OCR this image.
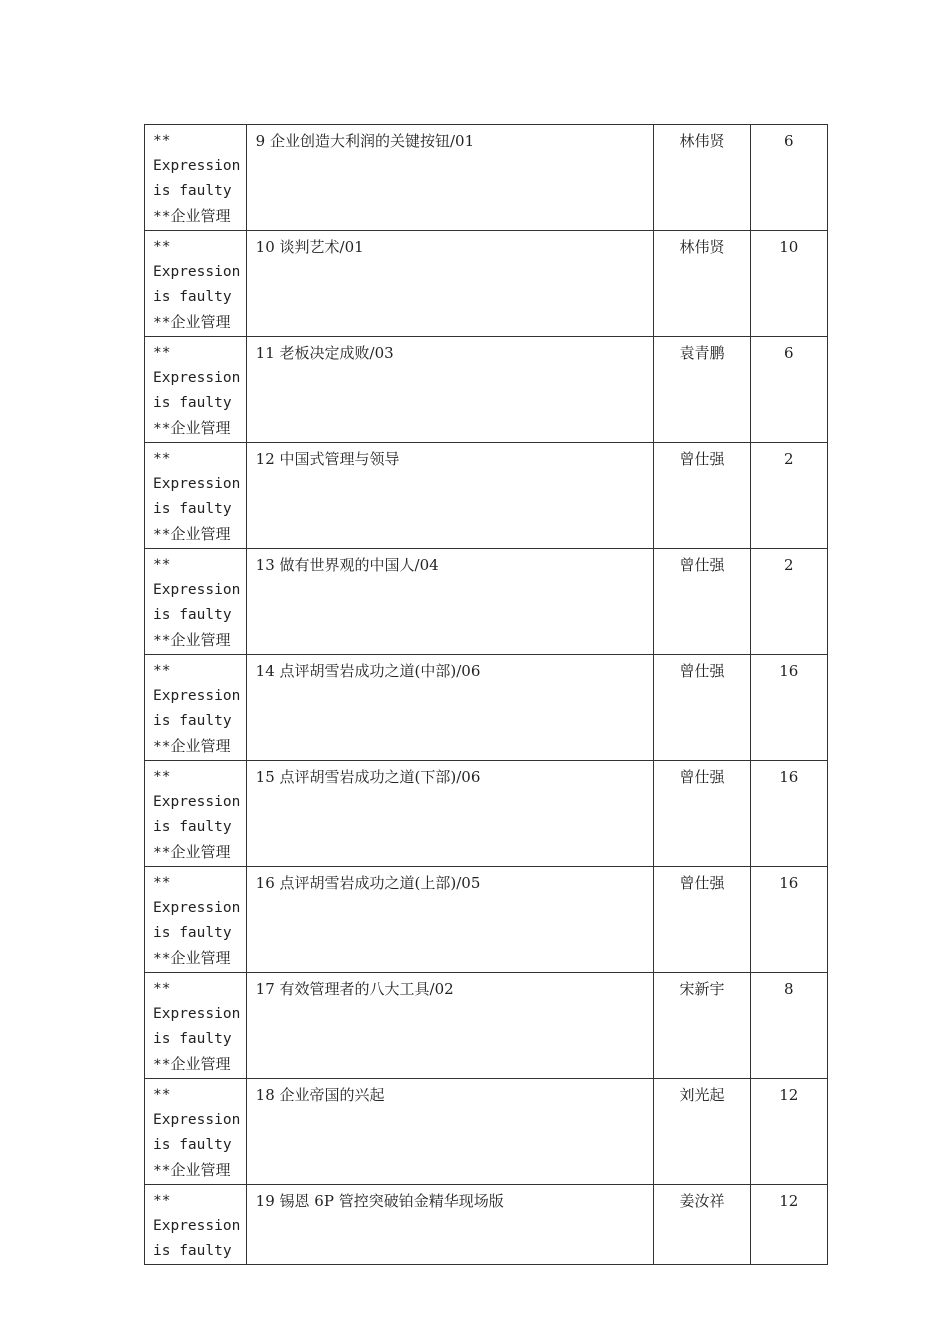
**
Expression
is faulty
**企业管理	9 企业创造大利润的关键按钮/01	林伟贤	6

**
Expression
is faulty
**企业管理	10 谈判艺术/01	林伟贤	10

**
Expression
is faulty
**企业管理	11 老板决定成败/03	袁青鹏	6

**
Expression
is faulty
**企业管理	12 中国式管理与领导	曾仕强	2

**
Expression
is faulty
**企业管理	13 做有世界观的中国人/04	曾仕强	2

**
Expression
is faulty
**企业管理	14 点评胡雪岩成功之道(中部)/06	曾仕强	16

**
Expression
is faulty
**企业管理	15 点评胡雪岩成功之道(下部)/06	曾仕强	16

**
Expression
is faulty
**企业管理	16 点评胡雪岩成功之道(上部)/05	曾仕强	16

**
Expression
is faulty
**企业管理	17 有效管理者的八大工具/02	宋新宇	8

**
Expression
is faulty
**企业管理	18 企业帝国的兴起	刘光起	12

**
Expression
is faulty	19 锡恩 6P 管控突破铂金精华现场版	姜汝祥	12
